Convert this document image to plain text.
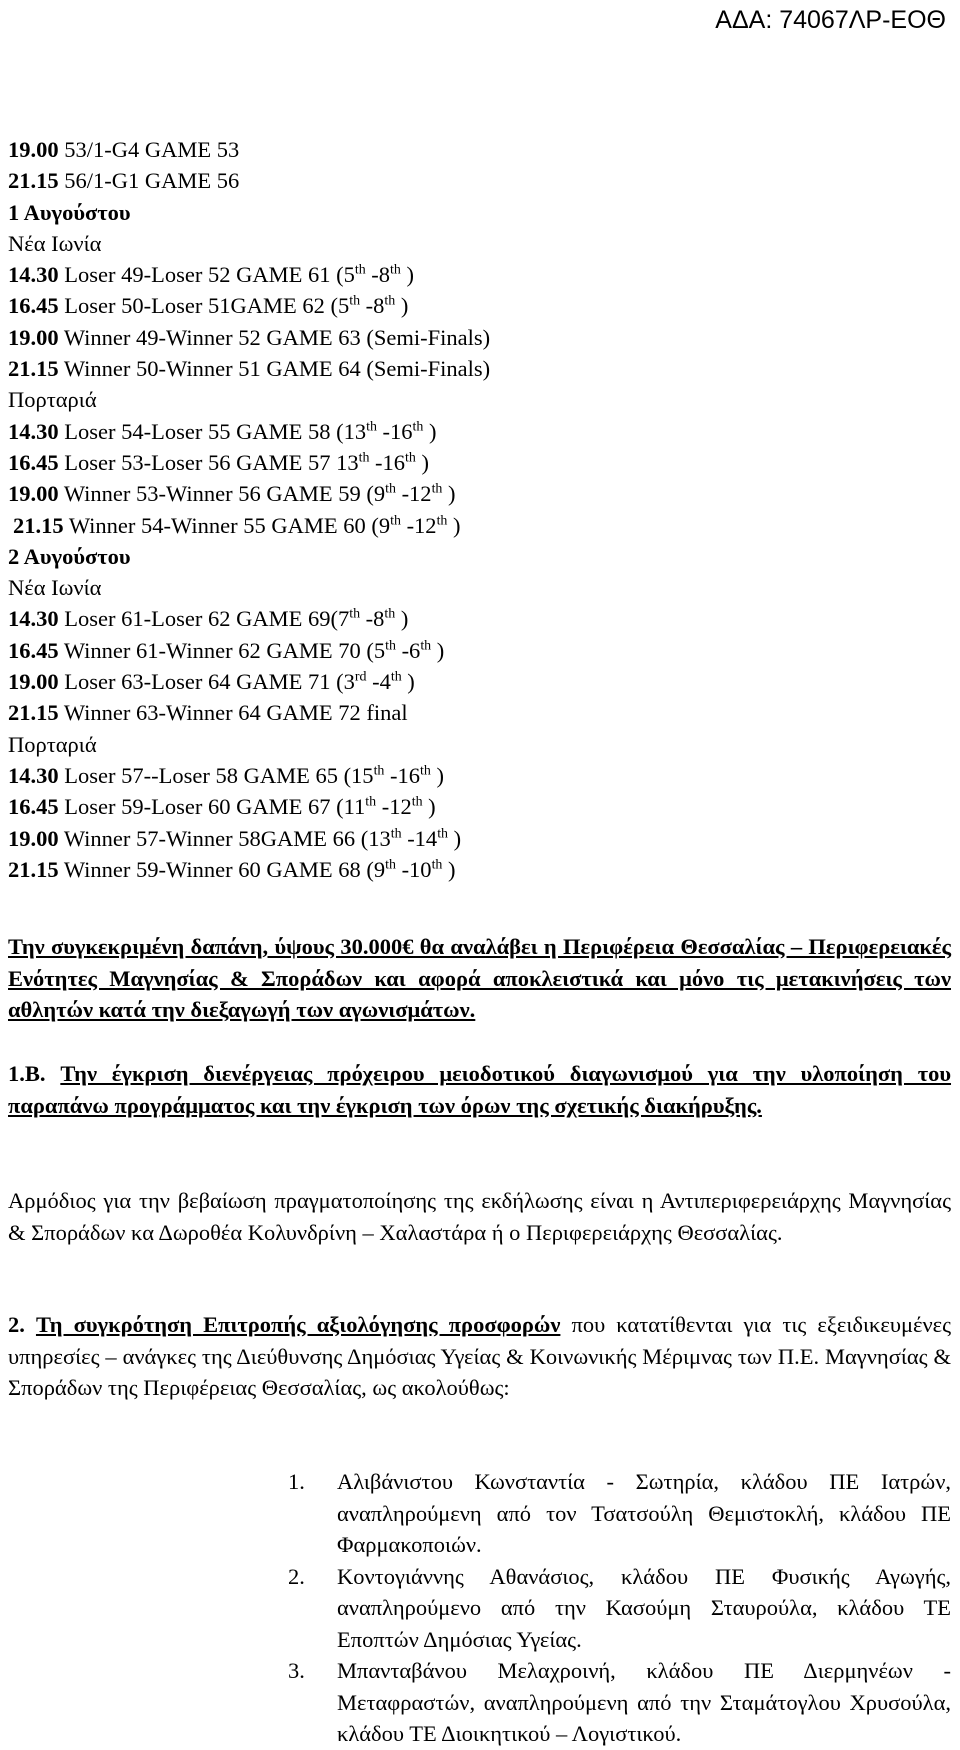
ΑΔΑ: 74067ΛΡ-ΕΟΘ
19.00 53/1-G4 GAME 53
21.15 56/1-G1 GAME 56
1 Αυγούστου
Νέα Ιωνία
14.30 Loser 49-Loser 52 GAME 61 (5th -8th )
16.45 Loser 50-Loser 51GAME 62 (5th -8th )
19.00 Winner 49-Winner 52 GAME 63 (Semi-Finals)
21.15 Winner 50-Winner 51 GAME 64 (Semi-Finals)
Πορταριά
14.30 Loser 54-Loser 55 GAME 58 (13th -16th )
16.45 Loser 53-Loser 56 GAME 57 13th -16th )
19.00 Winner 53-Winner 56 GAME 59 (9th -12th )
21.15 Winner 54-Winner 55 GAME 60 (9th -12th )
2 Αυγούστου
Νέα Ιωνία
14.30 Loser 61-Loser 62 GAME 69(7th -8th )
16.45 Winner 61-Winner 62 GAME 70 (5th -6th )
19.00 Loser 63-Loser 64 GAME 71 (3rd -4th )
21.15 Winner 63-Winner 64 GAME 72 final
Πορταριά
14.30 Loser 57--Loser 58 GAME 65 (15th -16th )
16.45 Loser 59-Loser 60 GAME 67 (11th -12th )
19.00 Winner 57-Winner 58GAME 66 (13th -14th )
21.15 Winner 59-Winner 60 GAME 68 (9th -10th )

Την συγκεκριμένη δαπάνη, ύψους 30.000€ θα αναλάβει η Περιφέρεια Θεσσαλίας – Περιφερειακές Ενότητες Μαγνησίας & Σποράδων και αφορά αποκλειστικά και μόνο τις μετακινήσεις των αθλητών κατά την διεξαγωγή των αγωνισμάτων.

1.Β. Την έγκριση διενέργειας πρόχειρου μειοδοτικού διαγωνισμού για την υλοποίηση του παραπάνω προγράμματος και την έγκριση των όρων της σχετικής διακήρυξης.

Αρμόδιος για την βεβαίωση πραγματοποίησης της εκδήλωσης είναι η Αντιπεριφερειάρχης Μαγνησίας & Σποράδων κα Δωροθέα Κολυνδρίνη – Χαλαστάρα ή ο Περιφερειάρχης Θεσσαλίας.

2. Τη συγκρότηση Επιτροπής αξιολόγησης προσφορών που κατατίθενται για τις εξειδικευμένες υπηρεσίες – ανάγκες της Διεύθυνσης Δημόσιας Υγείας & Κοινωνικής Μέριμνας των Π.Ε. Μαγνησίας & Σποράδων της Περιφέρειας Θεσσαλίας, ως ακολούθως:

1. Αλιβάνιστου Κωνσταντία - Σωτηρία, κλάδου ΠΕ Ιατρών, αναπληρούμενη από τον Τσατσούλη Θεμιστοκλή, κλάδου ΠΕ Φαρμακοποιών.
2. Κοντογιάννης Αθανάσιος, κλάδου ΠΕ Φυσικής Αγωγής, αναπληρούμενο από την Κασούμη Σταυρούλα, κλάδου ΤΕ Εποπτών Δημόσιας Υγείας.
3. Μπανταβάνου Μελαχροινή, κλάδου ΠΕ Διερμηνέων - Μεταφραστών, αναπληρούμενη από την Σταμάτογλου Χρυσούλα, κλάδου ΤΕ Διοικητικού – Λογιστικού.
